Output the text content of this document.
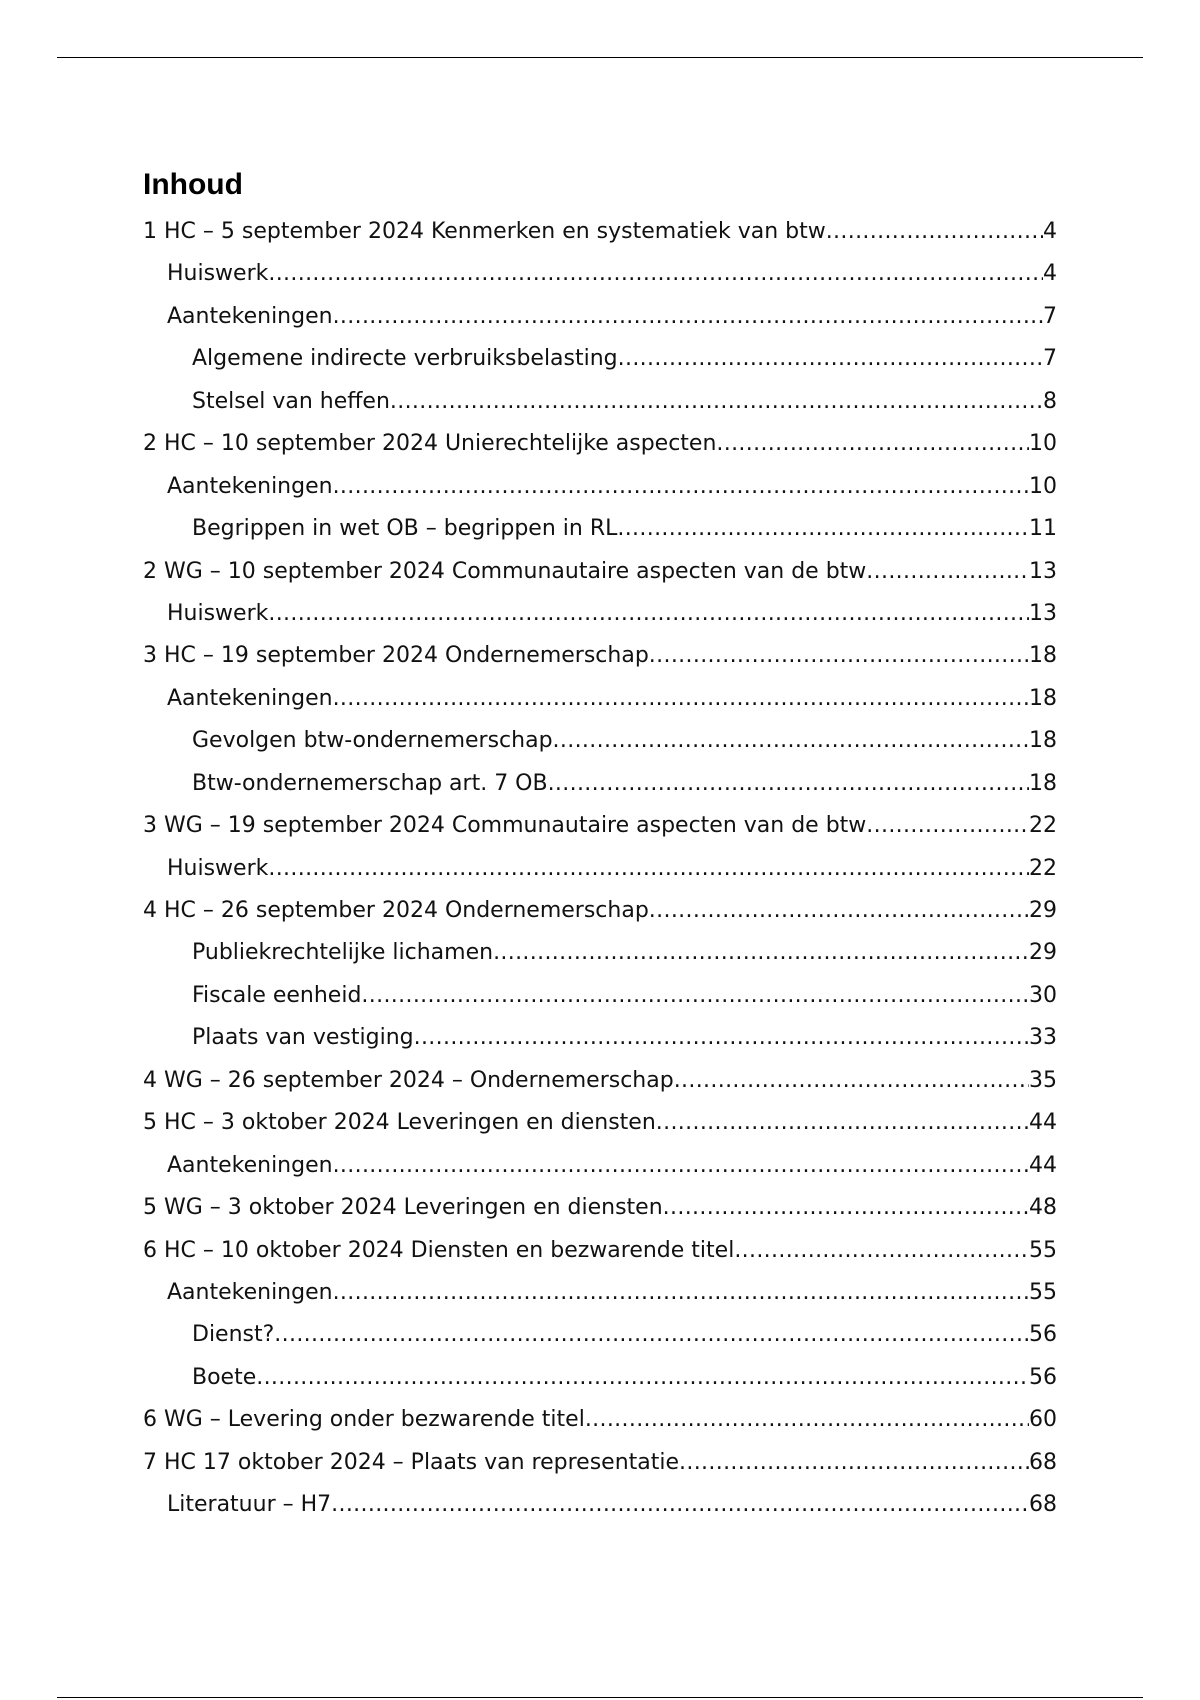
Inhoud
1 HC – 5 september 2024 Kenmerken en systematiek van btw .....	4
Huiswerk .....	4
Aantekeningen .....	7
Algemene indirecte verbruiksbelasting .....	7
Stelsel van heffen .....	8
2 HC – 10 september 2024 Unierechtelijke aspecten .....	10
Aantekeningen .....	10
Begrippen in wet OB – begrippen in RL .....	11
2 WG – 10 september 2024 Communautaire aspecten van de btw .....	13
Huiswerk .....	13
3 HC – 19 september 2024 Ondernemerschap .....	18
Aantekeningen .....	18
Gevolgen btw-ondernemerschap .....	18
Btw-ondernemerschap art. 7 OB .....	18
3 WG – 19 september 2024 Communautaire aspecten van de btw .....	22
Huiswerk .....	22
4 HC – 26 september 2024 Ondernemerschap .....	29
Publiekrechtelijke lichamen .....	29
Fiscale eenheid .....	30
Plaats van vestiging .....	33
4 WG – 26 september 2024 – Ondernemerschap .....	35
5 HC – 3 oktober 2024 Leveringen en diensten .....	44
Aantekeningen .....	44
5 WG – 3 oktober 2024 Leveringen en diensten .....	48
6 HC – 10 oktober 2024 Diensten en bezwarende titel .....	55
Aantekeningen .....	55
Dienst? .....	56
Boete .....	56
6 WG – Levering onder bezwarende titel .....	60
7 HC 17 oktober 2024 – Plaats van representatie .....	68
Literatuur – H7 .....	68
